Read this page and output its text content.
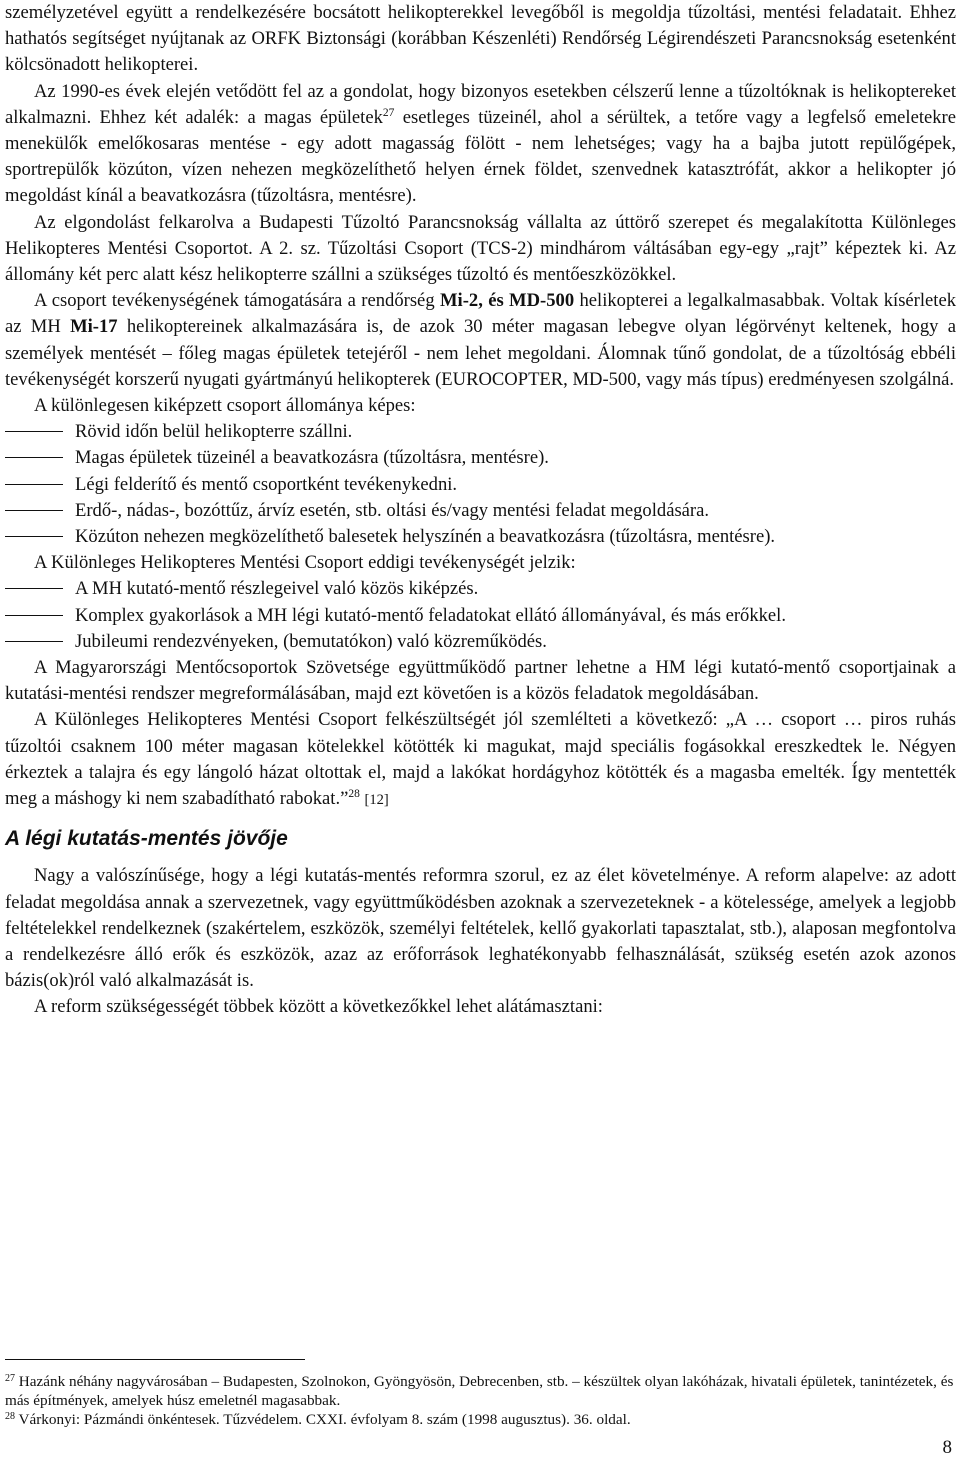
személyzetével együtt a rendelkezésére bocsátott helikopterekkel levegőből is megoldja tűzoltási, mentési feladatait. Ehhez hathatós segítséget nyújtanak az ORFK Biztonsági (korábban Készenléti) Rendőrség Légirendészeti Parancsnokság esetenként kölcsönadott helikopterei.

Az 1990-es évek elején vetődött fel az a gondolat, hogy bizonyos esetekben célszerű lenne a tűzoltóknak is helikoptereket alkalmazni. Ehhez két adalék: a magas épületek$^{27}$ esetleges tüzeinél, ahol a sérültek, a tetőre vagy a legfelső emeletekre menekülők emelőkosaras mentése - egy adott magasság fölött - nem lehetséges; vagy ha a bajba jutott repülőgépek, sportrepülők közúton, vízen nehezen megközelíthető helyen érnek földet, szenvednek katasztrófát, akkor a helikopter jó megoldást kínál a beavatkozásra (tűzoltásra, mentésre).

Az elgondolást felkarolva a Budapesti Tűzoltó Parancsnokság vállalta az úttörő szerepet és megalakította Különleges Helikopteres Mentési Csoportot. A 2. sz. Tűzoltási Csoport (TCS-2) mindhárom váltásában egy-egy „rajt” képeztek ki. Az állomány két perc alatt kész helikopterre szállni a szükséges tűzoltó és mentőeszközökkel.

A csoport tevékenységének támogatására a rendőrség Mi-2, és MD-500 helikopterei a legalkalmasabbak. Voltak kísérletek az MH Mi-17 helikoptereinek alkalmazására is, de azok 30 méter magasan lebegve olyan légörvényt keltenek, hogy a személyek mentését – főleg magas épületek tetejéről - nem lehet megoldani. Álomnak tűnő gondolat, de a tűzoltóság ebbéli tevékenységét korszerű nyugati gyártmányú helikopterek (EUROCOPTER, MD-500, vagy más típus) eredményesen szolgálná.

A különlegesen kiképzett csoport állománya képes:

Rövid időn belül helikopterre szállni.

Magas épületek tüzeinél a beavatkozásra (tűzoltásra, mentésre).

Légi felderítő és mentő csoportként tevékenykedni.

Erdő-, nádas-, bozóttűz, árvíz esetén, stb. oltási és/vagy mentési feladat megoldására.

Közúton nehezen megközelíthető balesetek helyszínén a beavatkozásra (tűzoltásra, mentésre).

A Különleges Helikopteres Mentési Csoport eddigi tevékenységét jelzik:

A MH kutató-mentő részlegeivel való közös kiképzés.

Komplex gyakorlások a MH légi kutató-mentő feladatokat ellátó állományával, és más erőkkel.

Jubileumi rendezvényeken, (bemutatókon) való közreműködés.

A Magyarországi Mentőcsoportok Szövetsége együttműködő partner lehetne a HM légi kutató-mentő csoportjainak a kutatási-mentési rendszer megreformálásában, majd ezt követően is a közös feladatok megoldásában.

A Különleges Helikopteres Mentési Csoport felkészültségét jól szemlélteti a következő: „A … csoport … piros ruhás tűzoltói csaknem 100 méter magasan kötelekkel kötötték ki magukat, majd speciális fogásokkal ereszkedtek le. Négyen érkeztek a talajra és egy lángoló házat oltottak el, majd a lakókat hordágyhoz kötötték és a magasba emelték. Így mentették meg a máshogy ki nem szabadítható rabokat.”$^{28}$ [12]

A légi kutatás-mentés jövője

Nagy a valószínűsége, hogy a légi kutatás-mentés reformra szorul, ez az élet követelménye. A reform alapelve: az adott feladat megoldása annak a szervezetnek, vagy együttműködésben azoknak a szervezeteknek - a kötelessége, amelyek a legjobb feltételekkel rendelkeznek (szakértelem, eszközök, személyi feltételek, kellő gyakorlati tapasztalat, stb.), alaposan megfontolva a rendelkezésre álló erők és eszközök, azaz az erőforrások leghatékonyabb felhasználását, szükség esetén azok azonos bázis(ok)ról való alkalmazását is.

A reform szükségességét többek között a következőkkel lehet alátámasztani:

$^{27}$ Hazánk néhány nagyvárosában – Budapesten, Szolnokon, Gyöngyösön, Debrecenben, stb. – készültek olyan lakóházak, hivatali épületek, tanintézetek, és más építmények, amelyek húsz emeletnél magasabbak.

$^{28}$ Várkonyi: Pázmándi önkéntesek. Tűzvédelem. CXXI. évfolyam 8. szám (1998 augusztus). 36. oldal.

8
